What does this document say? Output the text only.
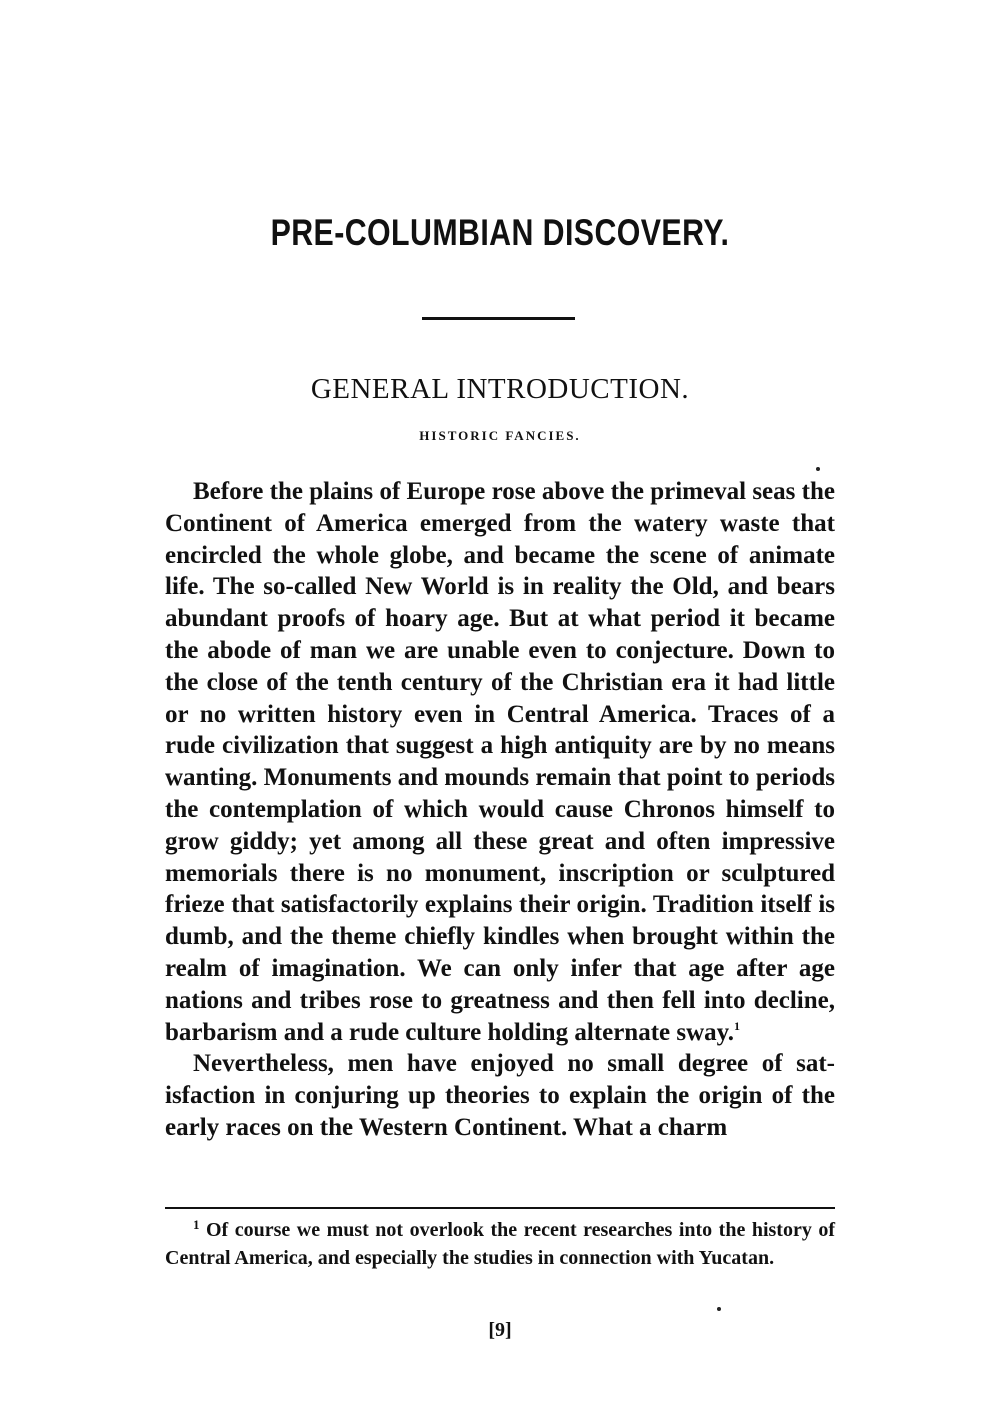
PRE-COLUMBIAN DISCOVERY.
GENERAL INTRODUCTION.
HISTORIC FANCIES.

Before the plains of Europe rose above the primeval seas the Continent of America emerged from the watery waste that encircled the whole globe, and became the scene of animate life. The so-called New World is in reality the Old, and bears abundant proofs of hoary age. But at what period it became the abode of man we are unable even to conjecture. Down to the close of the tenth century of the Christian era it had little or no written history even in Central America. Traces of a rude civilization that suggest a high antiquity are by no means wanting. Monuments and mounds remain that point to periods the contemplation of which would cause Chronos himself to grow giddy; yet among all these great and often impressive memorials there is no monument, inscription or sculptured frieze that satisfactorily explains their origin. Tradition itself is dumb, and the theme chiefly kindles when brought within the realm of imagination. We can only infer that age after age nations and tribes rose to greatness and then fell into decline, barbarism and a rude culture holding alternate sway.$^1$

Nevertheless, men have enjoyed no small degree of satisfaction in conjuring up theories to explain the origin of the early races on the Western Continent. What a charm

$^1$ Of course we must not overlook the recent researches into the history of Central America, and especially the studies in connection with Yucatan.
[9]
